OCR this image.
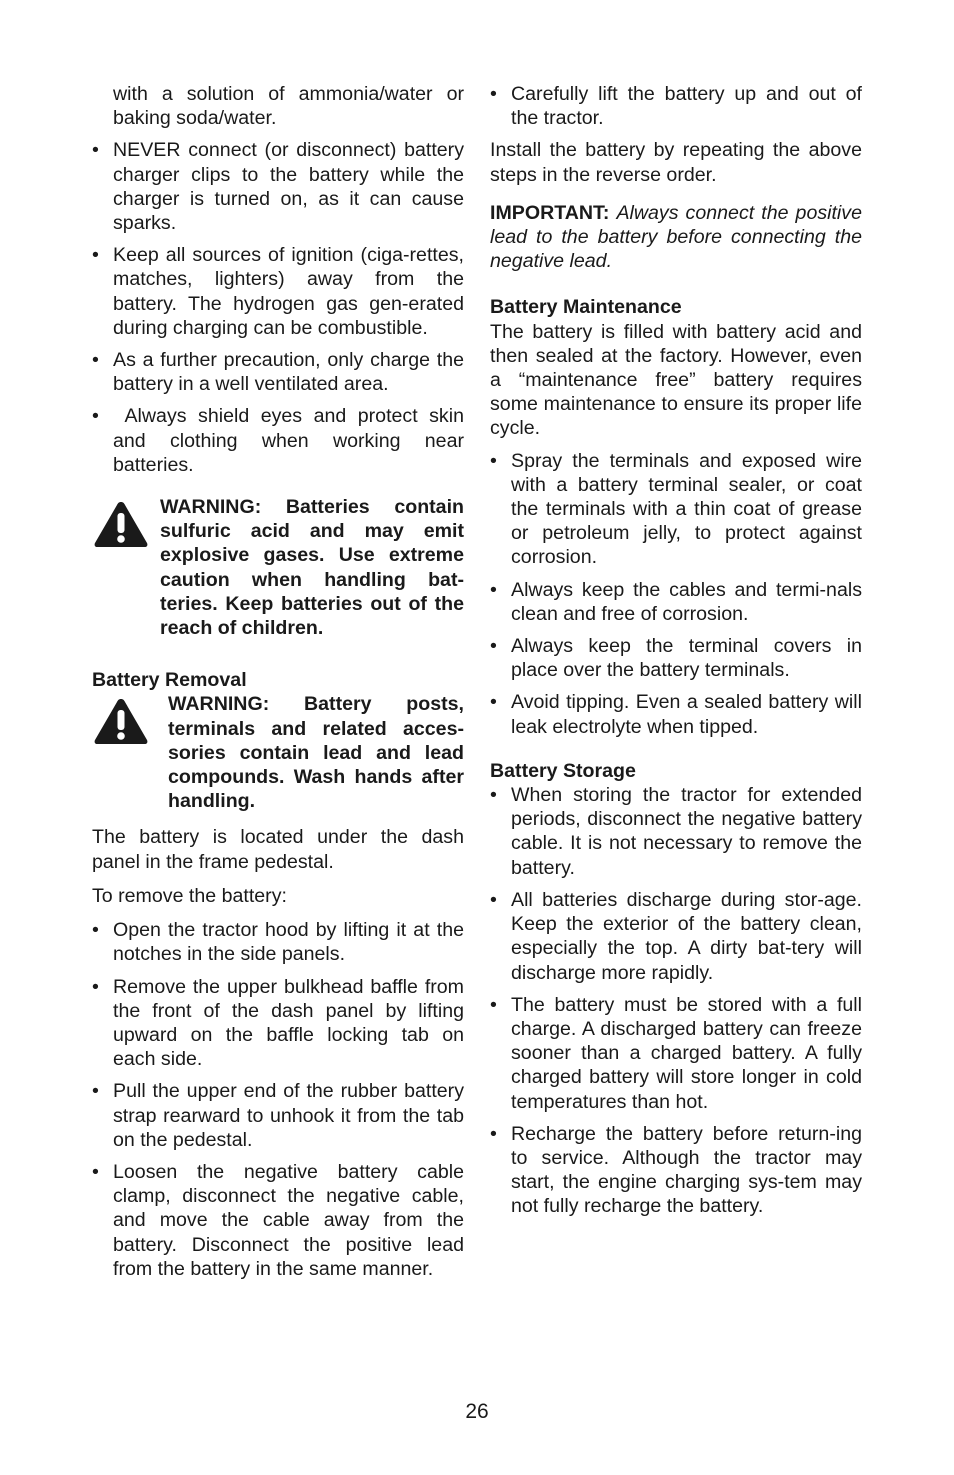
with a solution of ammonia/water or baking soda/water.

• NEVER connect (or disconnect) battery charger clips to the battery while the charger is turned on, as it can cause sparks.
• Keep all sources of ignition (ciga-rettes, matches, lighters) away from the battery. The hydrogen gas gen-erated during charging can be combustible.
• As a further precaution, only charge the battery in a well ventilated area.
•  Always shield eyes and protect skin and clothing when working near batteries.

WARNING: Batteries contain sulfuric acid and may emit explosive gases. Use extreme caution when handling bat-teries. Keep batteries out of the reach of children.

Battery Removal

WARNING: Battery posts, terminals and related acces-sories contain lead and lead compounds. Wash hands after handling.

The battery is located under the dash panel in the frame pedestal.

To remove the battery:

• Open the tractor hood by lifting it at the notches in the side panels.
• Remove the upper bulkhead baffle from the front of the dash panel by lifting upward on the baffle locking tab on each side.
• Pull the upper end of the rubber battery strap rearward to unhook it from the tab on the pedestal.
• Loosen the negative battery cable clamp, disconnect the negative cable, and move the cable away from the battery. Disconnect the positive lead from the battery in the same manner.
• Carefully lift the battery up and out of the tractor.

Install the battery by repeating the above steps in the reverse order.

IMPORTANT: Always connect the positive lead to the battery before connecting the negative lead.

Battery Maintenance

The battery is filled with battery acid and then sealed at the factory. However, even a “maintenance free” battery requires some maintenance to ensure its proper life cycle.

• Spray the terminals and exposed wire with a battery terminal sealer, or coat the terminals with a thin coat of grease or petroleum jelly, to protect against corrosion.
• Always keep the cables and termi-nals clean and free of corrosion.
• Always keep the terminal covers in place over the battery terminals.
• Avoid tipping. Even a sealed battery will leak electrolyte when tipped.

Battery Storage

• When storing the tractor for extended periods, disconnect the negative battery cable. It is not necessary to remove the battery.
• All batteries discharge during stor-age. Keep the exterior of the battery clean, especially the top. A dirty bat-tery will discharge more rapidly.
• The battery must be stored with a full charge. A discharged battery can freeze sooner than a charged battery. A fully charged battery will store longer in cold temperatures than hot.
• Recharge the battery before return-ing to service. Although the tractor may start, the engine charging sys-tem may not fully recharge the battery.
26
